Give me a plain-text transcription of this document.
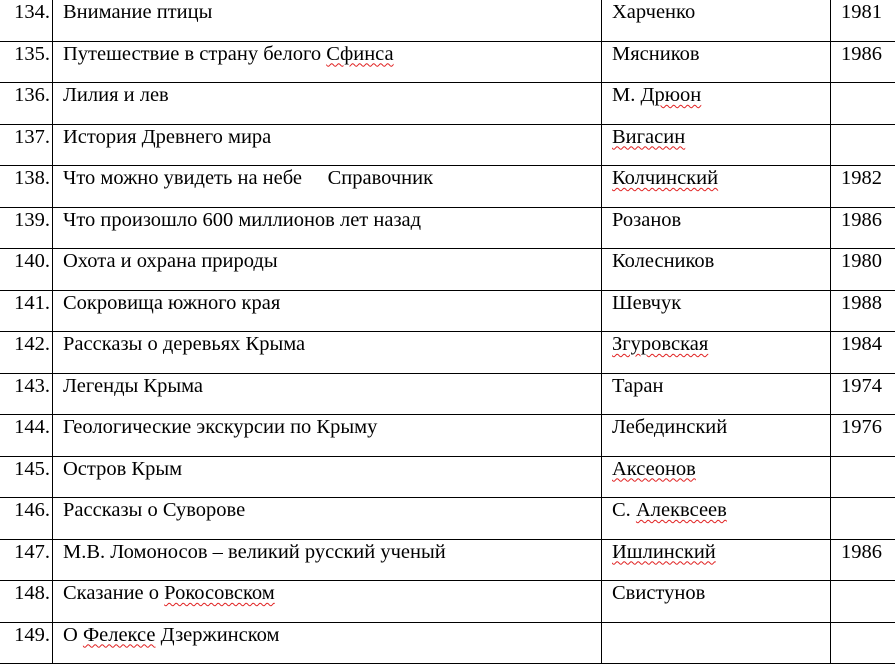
134.	Внимание птицы	Харченко	1981
135.	Путешествие в страну белого Сфинса	Мясников	1986
136.	Лилия и лев	М. Дрюон	
137.	История Древнего мира	Вигасин	
138.	Что можно увидеть на небе     Справочник	Колчинский	1982
139.	Что произошло 600 миллионов лет назад	Розанов	1986
140.	Охота и охрана природы	Колесников	1980
141.	Сокровища южного края	Шевчук	1988
142.	Рассказы о деревьях Крыма	Згуровская	1984
143.	Легенды Крыма	Таран	1974
144.	Геологические экскурсии по Крыму	Лебединский	1976
145.	Остров Крым	Аксеонов	
146.	Рассказы о Суворове	С. Алеквсеев	
147.	М.В. Ломоносов – великий русский ученый	Ишлинский	1986
148.	Сказание о Рокосовском	Свистунов	
149.	О Фелексе Дзержинском		
